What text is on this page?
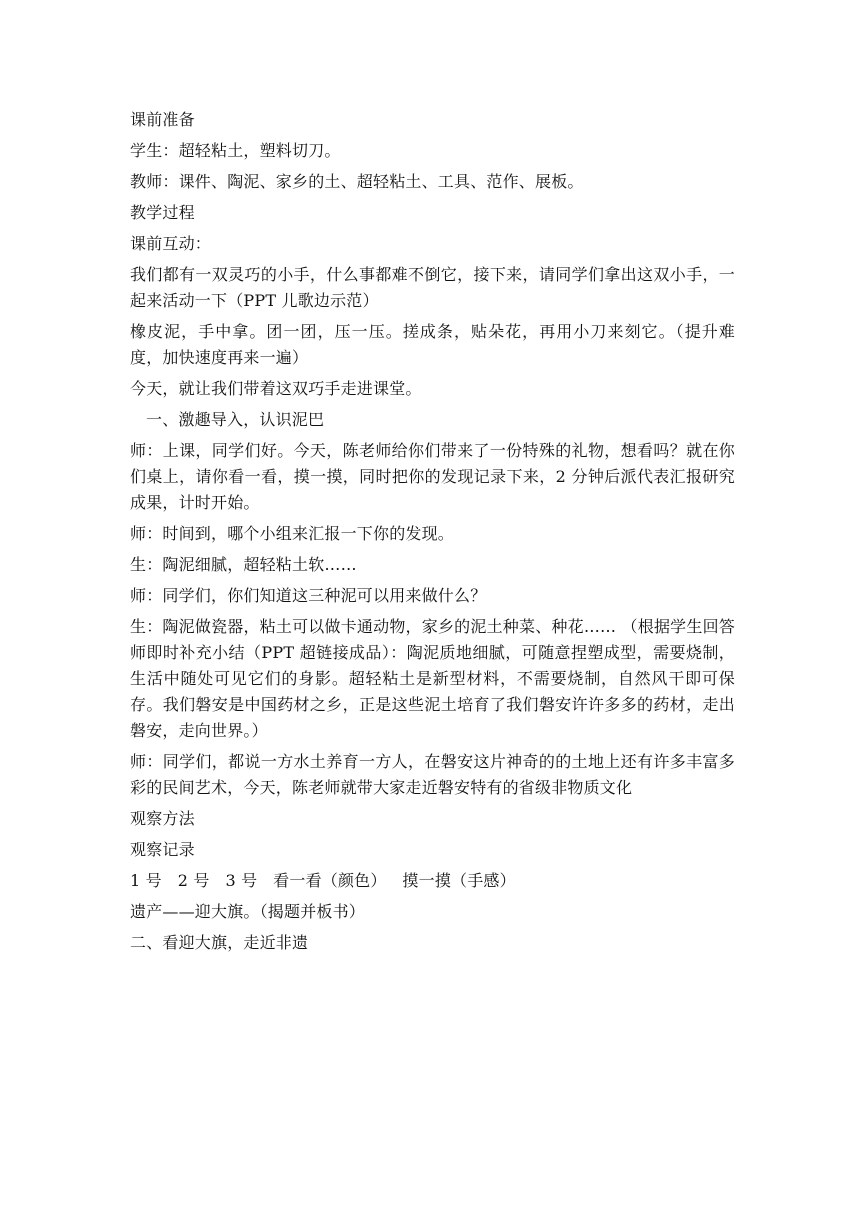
课前准备

学生：超轻粘土，塑料切刀。

教师：课件、陶泥、家乡的土、超轻粘土、工具、范作、展板。

教学过程

课前互动：

我们都有一双灵巧的小手，什么事都难不倒它，接下来，请同学们拿出这双小手，一起来活动一下（PPT 儿歌边示范）

橡皮泥，手中拿。团一团，压一压。搓成条，贴朵花，再用小刀来刻它。（提升难度，加快速度再来一遍）

今天，就让我们带着这双巧手走进课堂。

一、激趣导入，认识泥巴

师：上课，同学们好。今天，陈老师给你们带来了一份特殊的礼物，想看吗？就在你们桌上，请你看一看，摸一摸，同时把你的发现记录下来，2 分钟后派代表汇报研究成果，计时开始。

师：时间到，哪个小组来汇报一下你的发现。

生：陶泥细腻，超轻粘土软……

师：同学们，你们知道这三种泥可以用来做什么？

生：陶泥做瓷器，粘土可以做卡通动物，家乡的泥土种菜、种花…… （根据学生回答师即时补充小结（PPT 超链接成品）：陶泥质地细腻，可随意捏塑成型，需要烧制，生活中随处可见它们的身影。超轻粘土是新型材料，不需要烧制，自然风干即可保存。我们磐安是中国药材之乡，正是这些泥土培育了我们磐安许许多多的药材，走出磐安，走向世界。）

师：同学们，都说一方水土养育一方人，在磐安这片神奇的的土地上还有许多丰富多彩的民间艺术，今天，陈老师就带大家走近磐安特有的省级非物质文化

观察方法

观察记录

1 号   2 号   3 号   看一看（颜色）   摸一摸（手感）

遗产——迎大旗。（揭题并板书）

二、看迎大旗，走近非遗
